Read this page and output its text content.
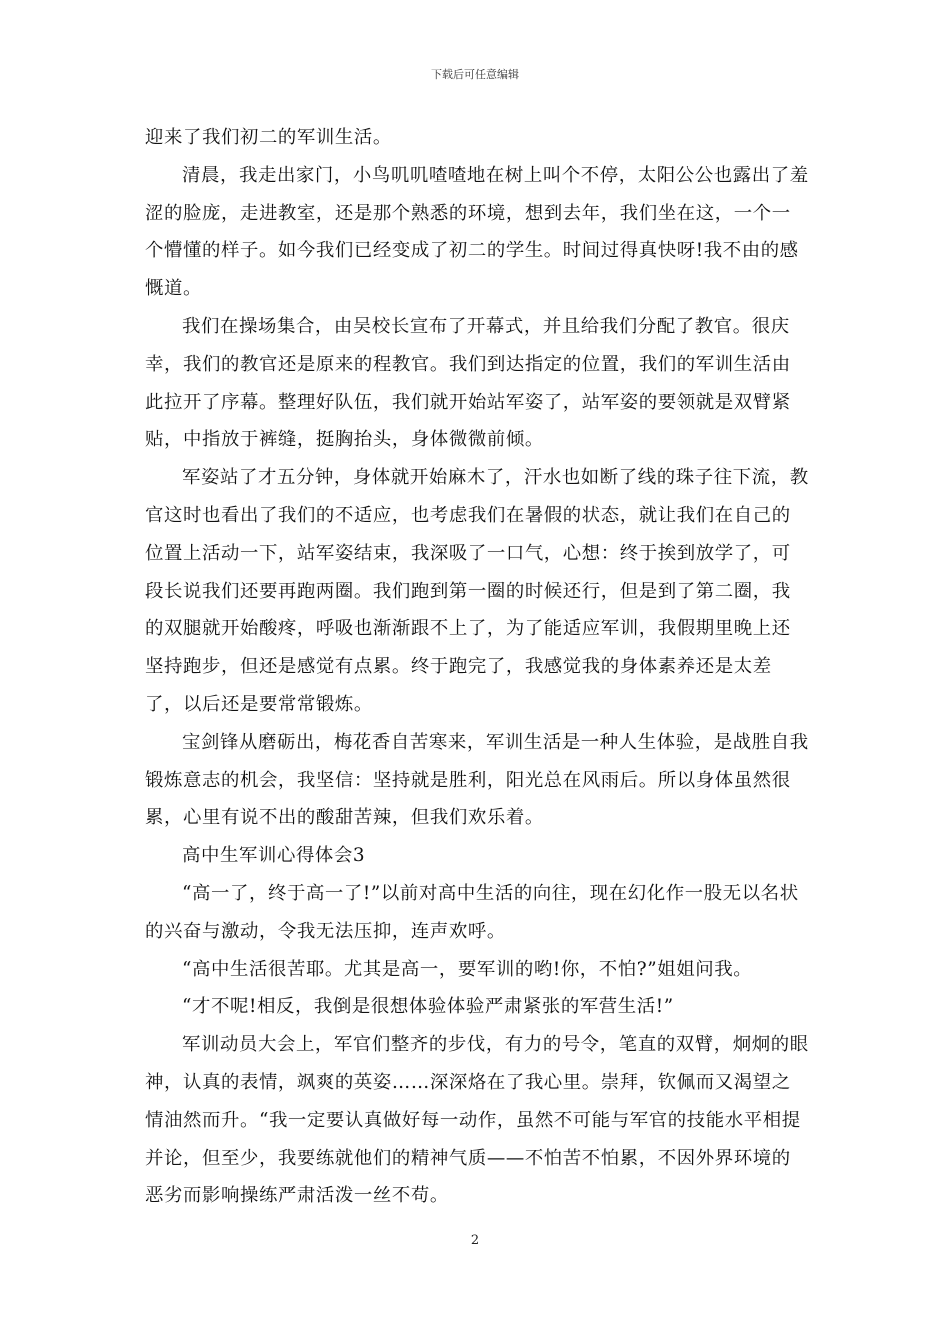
下载后可任意编辑

迎来了我们初二的军训生活。

清晨，我走出家门，小鸟叽叽喳喳地在树上叫个不停，太阳公公也露出了羞涩的脸庞，走进教室，还是那个熟悉的环境，想到去年，我们坐在这，一个一个懵懂的样子。如今我们已经变成了初二的学生。时间过得真快呀!我不由的感慨道。

我们在操场集合，由吴校长宣布了开幕式，并且给我们分配了教官。很庆幸，我们的教官还是原来的程教官。我们到达指定的位置，我们的军训生活由此拉开了序幕。整理好队伍，我们就开始站军姿了，站军姿的要领就是双臂紧贴，中指放于裤缝，挺胸抬头，身体微微前倾。

军姿站了才五分钟，身体就开始麻木了，汗水也如断了线的珠子往下流，教官这时也看出了我们的不适应，也考虑我们在暑假的状态，就让我们在自己的位置上活动一下，站军姿结束，我深吸了一口气，心想：终于挨到放学了，可段长说我们还要再跑两圈。我们跑到第一圈的时候还行，但是到了第二圈，我的双腿就开始酸疼，呼吸也渐渐跟不上了，为了能适应军训，我假期里晚上还坚持跑步，但还是感觉有点累。终于跑完了，我感觉我的身体素养还是太差了，以后还是要常常锻炼。

宝剑锋从磨砺出，梅花香自苦寒来，军训生活是一种人生体验，是战胜自我锻炼意志的机会，我坚信：坚持就是胜利，阳光总在风雨后。所以身体虽然很累，心里有说不出的酸甜苦辣，但我们欢乐着。

高中生军训心得体会3

“高一了，终于高一了!”以前对高中生活的向往，现在幻化作一股无以名状的兴奋与激动，令我无法压抑，连声欢呼。

“高中生活很苦耶。尤其是高一，要军训的哟!你，不怕?”姐姐问我。

“才不呢!相反，我倒是很想体验体验严肃紧张的军营生活!”

军训动员大会上，军官们整齐的步伐，有力的号令，笔直的双臂，炯炯的眼神，认真的表情，飒爽的英姿……深深烙在了我心里。崇拜，钦佩而又渴望之情油然而升。“我一定要认真做好每一动作，虽然不可能与军官的技能水平相提并论，但至少，我要练就他们的精神气质——不怕苦不怕累，不因外界环境的恶劣而影响操练严肃活泼一丝不苟。

2
